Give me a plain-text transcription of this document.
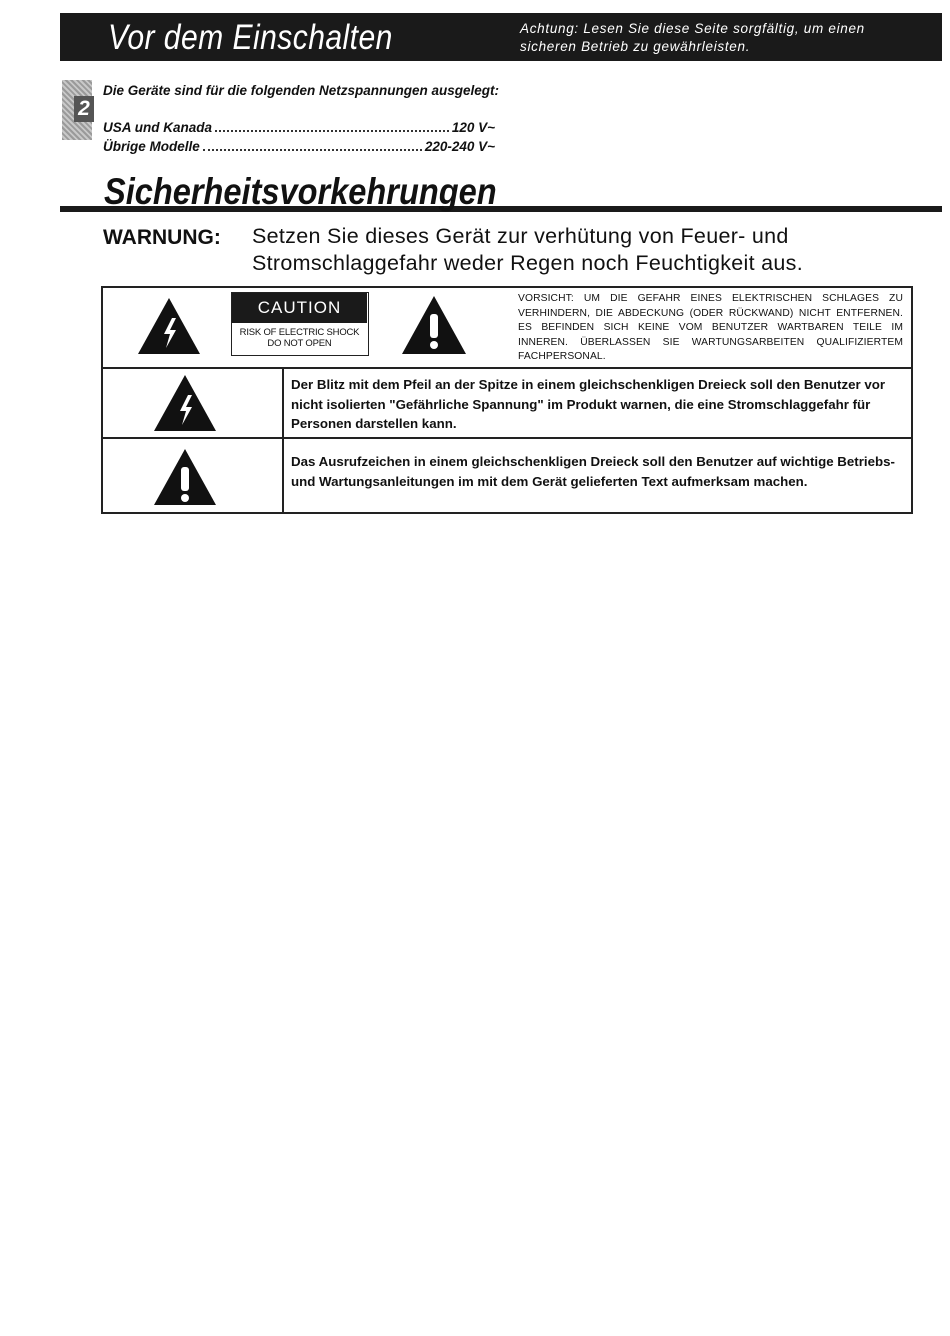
Vor dem Einschalten	Achtung: Lesen Sie diese Seite sorgfältig, um einen sicheren Betrieb zu gewährleisten.
2
Die Geräte sind für die folgenden Netzspannungen ausgelegt:
USA und Kanada	120 V~
Übrige Modelle	220-240 V~
Sicherheitsvorkehrungen
WARNUNG: Setzen Sie dieses Gerät zur verhütung von Feuer- und Stromschlaggefahr weder Regen noch Feuchtigkeit aus.
CAUTION
RISK OF ELECTRIC SHOCK
DO NOT OPEN
VORSICHT: UM DIE GEFAHR EINES ELEKTRISCHEN SCHLAGES ZU
VERHINDERN, DIE ABDECKUNG (ODER RÜCKWAND) NICHT ENTFERNEN.
ES BEFINDEN SICH KEINE VOM BENUTZER WARTBAREN TEILE IM
INNEREN. ÜBERLASSEN SIE WARTUNGSARBEITEN QUALIFIZIERTEM
FACHPERSONAL.
Der Blitz mit dem Pfeil an der Spitze in einem gleichschenkligen Dreieck soll den Benutzer vor nicht isolierten "Gefährliche Spannung" im Produkt warnen, die eine Stromschlaggefahr für Personen darstellen kann.
Das Ausrufzeichen in einem gleichschenkligen Dreieck soll den Benutzer auf wichtige Betriebs- und Wartungsanleitungen im mit dem Gerät gelieferten Text aufmerksam machen.
